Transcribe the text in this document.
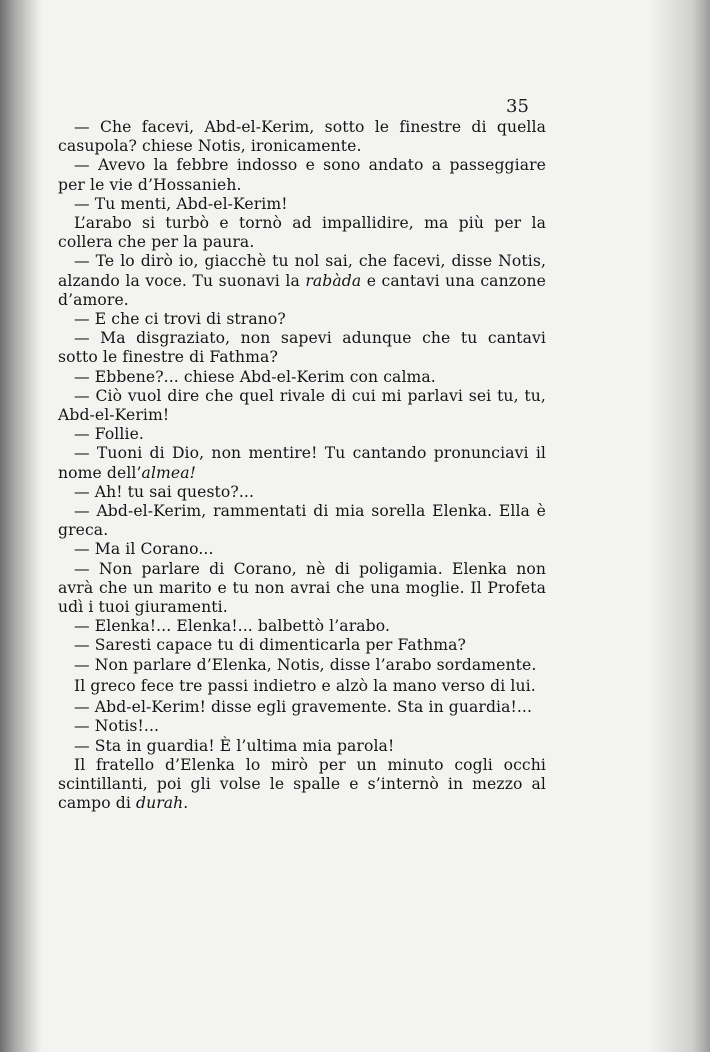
35

— Che facevi, Abd-el-Kerim, sotto le finestre di quella casupola? chiese Notis, ironicamente.

— Avevo la febbre indosso e sono andato a passeggiare per le vie d’Hossanieh.

— Tu menti, Abd-el-Kerim!

L’arabo si turbò e tornò ad impallidire, ma più per la collera che per la paura.

— Te lo dirò io, giacchè tu nol sai, che facevi, disse Notis, alzando la voce. Tu suonavi la rabàda e cantavi una canzone d’amore.

— E che ci trovi di strano?

— Ma disgraziato, non sapevi adunque che tu cantavi sotto le finestre di Fathma?

— Ebbene?... chiese Abd-el-Kerim con calma.

— Ciò vuol dire che quel rivale di cui mi parlavi sei tu, tu, Abd-el-Kerim!

— Follie.

— Tuoni di Dio, non mentire! Tu cantando pronunciavi il nome dell’almea!

— Ah! tu sai questo?...

— Abd-el-Kerim, rammentati di mia sorella Elenka. Ella è greca.

— Ma il Corano...

— Non parlare di Corano, nè di poligamia. Elenka non avrà che un marito e tu non avrai che una moglie. Il Profeta udì i tuoi giuramenti.

— Elenka!... Elenka!... balbettò l’arabo.

— Saresti capace tu di dimenticarla per Fathma?

— Non parlare d’Elenka, Notis, disse l’arabo sordamente.

Il greco fece tre passi indietro e alzò la mano verso di lui.

— Abd-el-Kerim! disse egli gravemente. Sta in guardia!...

— Notis!...

— Sta in guardia! È l’ultima mia parola!

Il fratello d’Elenka lo mirò per un minuto cogli occhi scintillanti, poi gli volse le spalle e s’internò in mezzo al campo di durah.
